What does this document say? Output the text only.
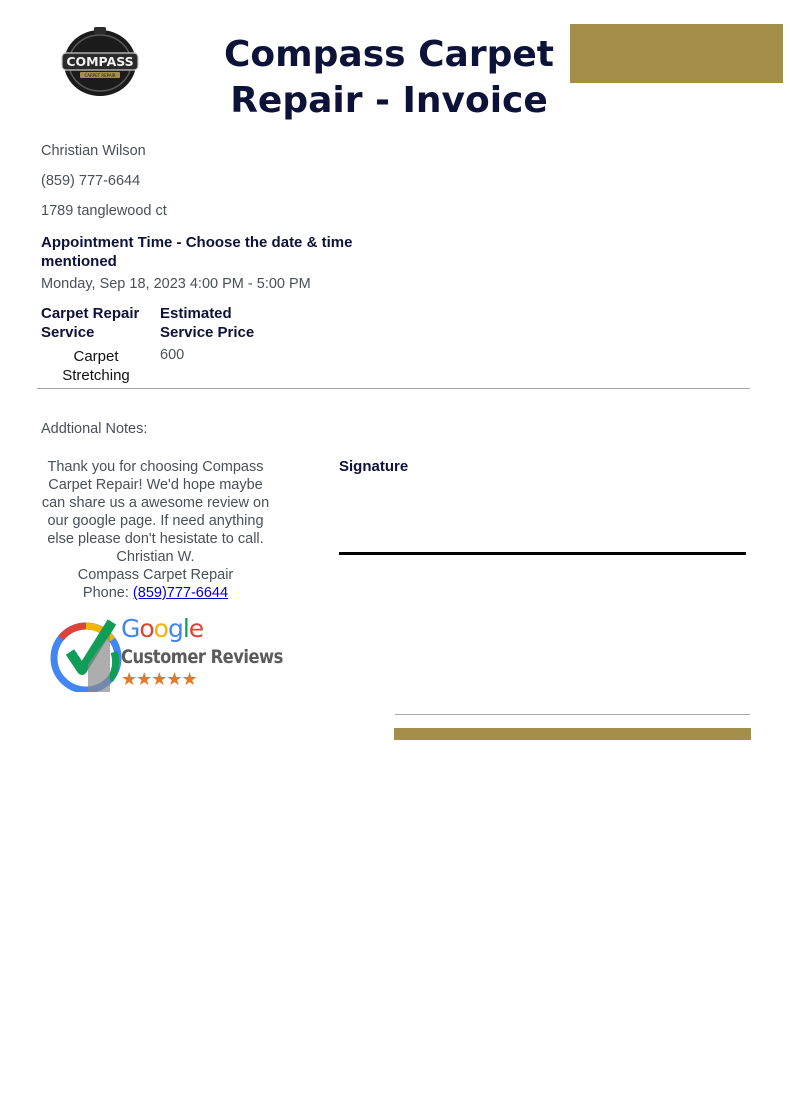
COMPASS
CARPET REPAIR
Compass Carpet Repair - Invoice
Christian Wilson
(859) 777-6644
1789 tanglewood ct
Appointment Time - Choose the date & time mentioned
Monday, Sep 18, 2023 4:00 PM - 5:00 PM
Carpet Repair Service
Estimated Service Price
Carpet Stretching
600
Addtional Notes:
Thank you for choosing Compass Carpet Repair! We'd hope maybe can share us a awesome review on our google page. If need anything else please don't hesistate to call.
Christian W.
Compass Carpet Repair
Phone: (859)777-6644
Signature
Google
Customer Reviews
★★★★★
